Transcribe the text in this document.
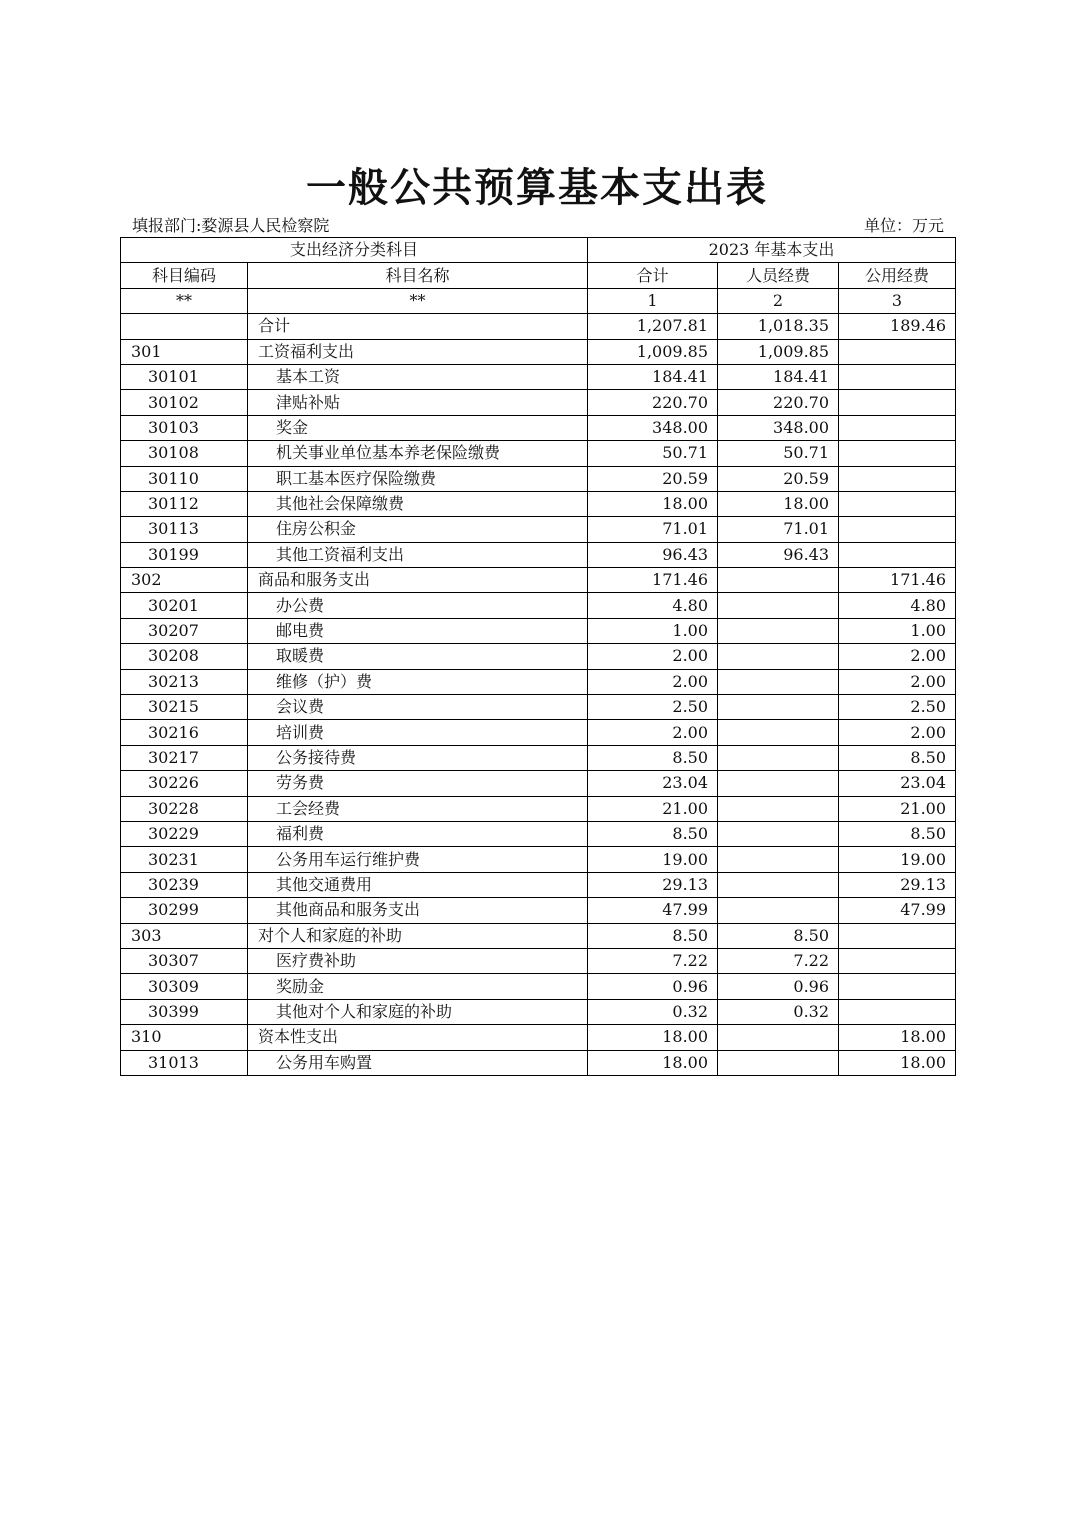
一般公共预算基本支出表
填报部门:婺源县人民检察院	单位：万元
支出经济分类科目		2023 年基本支出		
科目编码	科目名称	合计	人员经费	公用经费
**	**	1	2	3
	合计	1,207.81	1,018.35	189.46
301	工资福利支出	1,009.85	1,009.85	
30101	基本工资	184.41	184.41	
30102	津贴补贴	220.70	220.70	
30103	奖金	348.00	348.00	
30108	机关事业单位基本养老保险缴费	50.71	50.71	
30110	职工基本医疗保险缴费	20.59	20.59	
30112	其他社会保障缴费	18.00	18.00	
30113	住房公积金	71.01	71.01	
30199	其他工资福利支出	96.43	96.43	
302	商品和服务支出	171.46		171.46
30201	办公费	4.80		4.80
30207	邮电费	1.00		1.00
30208	取暖费	2.00		2.00
30213	维修（护）费	2.00		2.00
30215	会议费	2.50		2.50
30216	培训费	2.00		2.00
30217	公务接待费	8.50		8.50
30226	劳务费	23.04		23.04
30228	工会经费	21.00		21.00
30229	福利费	8.50		8.50
30231	公务用车运行维护费	19.00		19.00
30239	其他交通费用	29.13		29.13
30299	其他商品和服务支出	47.99		47.99
303	对个人和家庭的补助	8.50	8.50	
30307	医疗费补助	7.22	7.22	
30309	奖励金	0.96	0.96	
30399	其他对个人和家庭的补助	0.32	0.32	
310	资本性支出	18.00		18.00
31013	公务用车购置	18.00		18.00
